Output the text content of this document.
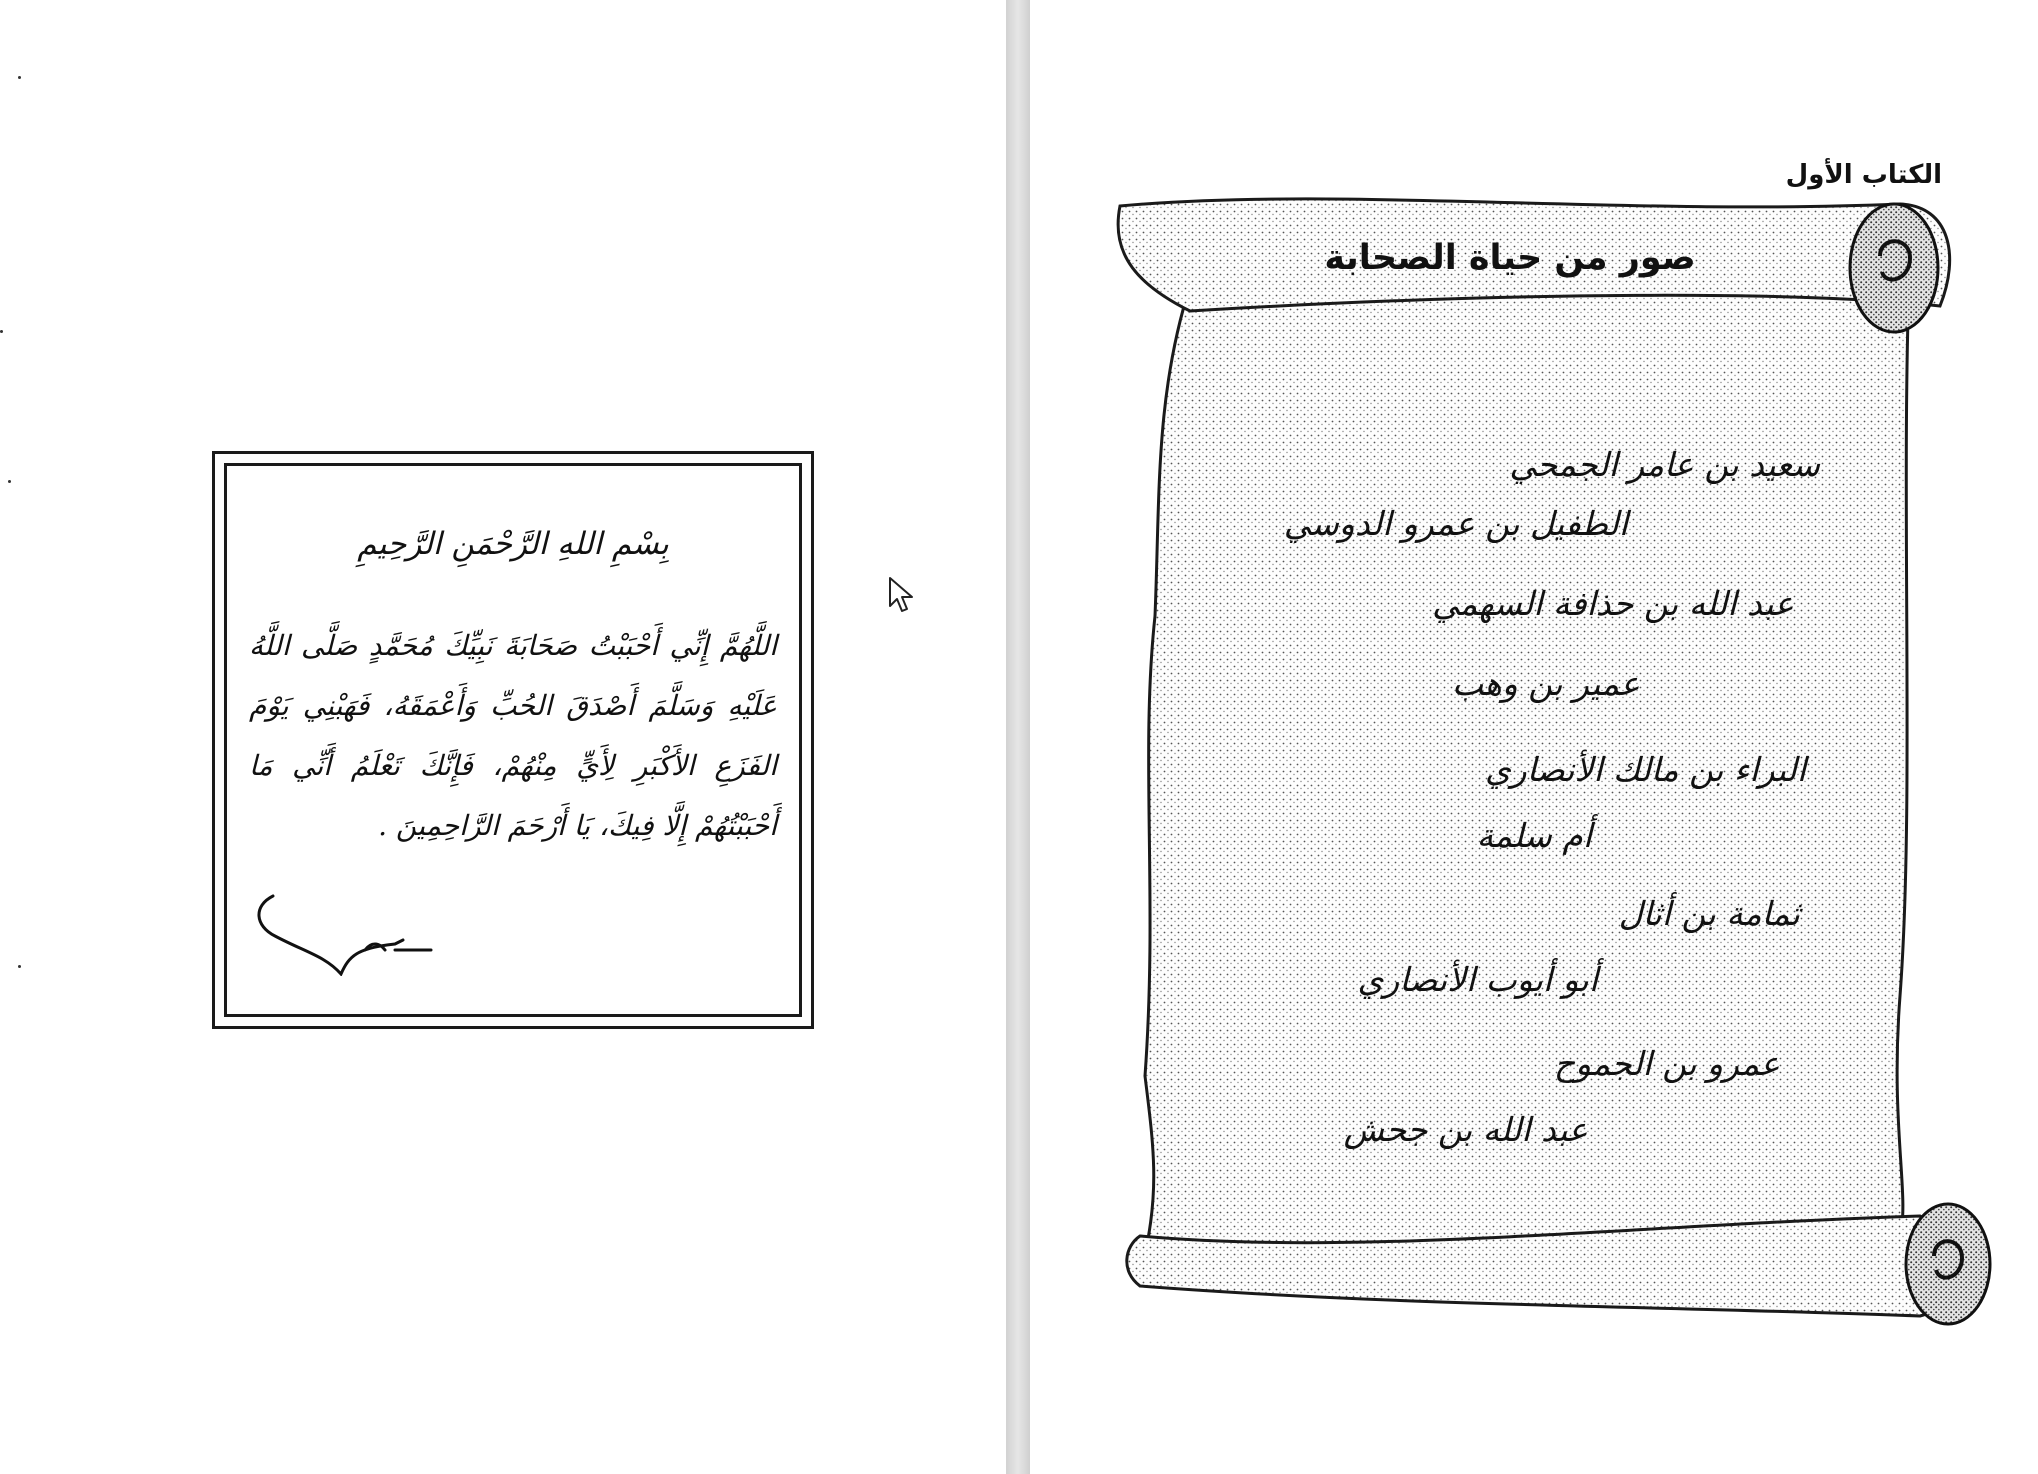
بِسْمِ اللهِ الرَّحْمَنِ الرَّحِيمِ
اللَّهُمَّ إِنِّي أَحْبَبْتُ صَحَابَةَ نَبِيِّكَ مُحَمَّدٍ صَلَّى اللَّهُ عَلَيْهِ وَسَلَّمَ أَصْدَقَ الحُبِّ وَأَعْمَقَهُ، فَهَبْنِي يَوْمَ الفَزَعِ الأَكْبَرِ لِأَيٍّ مِنْهُمْ، فَإِنَّكَ تَعْلَمُ أَنِّي مَا أَحْبَبْتُهُمْ إِلَّا فِيكَ، يَا أَرْحَمَ الرَّاحِمِينَ .
الكتاب الأول
صور من حياة الصحابة
سعيد بن عامر الجمحي
الطفيل بن عمرو الدوسي
عبد الله بن حذافة السهمي
عمير بن وهب
البراء بن مالك الأنصاري
أم سلمة
ثمامة بن أثال
أبو أيوب الأنصاري
عمرو بن الجموح
عبد الله بن جحش
